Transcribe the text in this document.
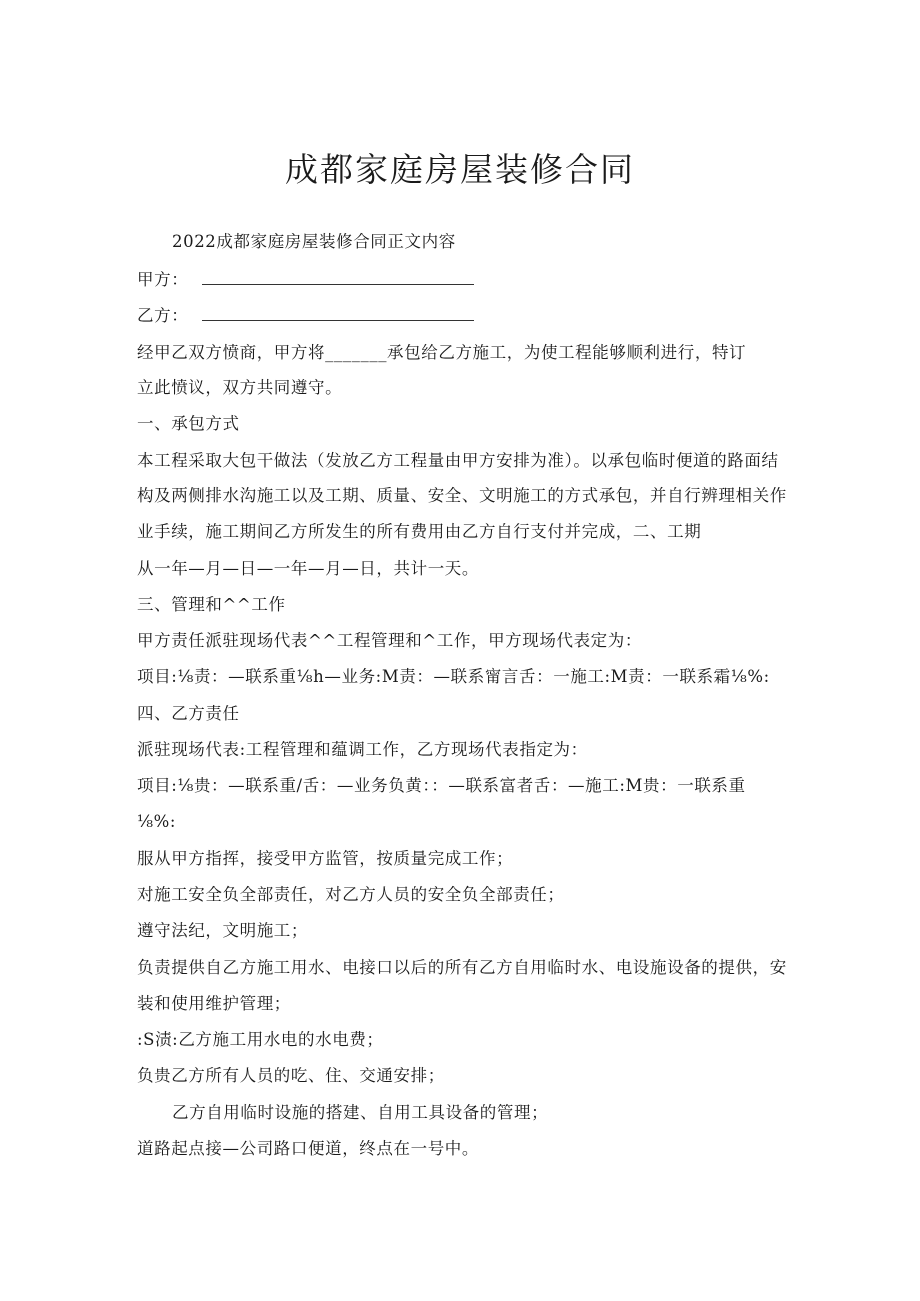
成都家庭房屋装修合同
2022成都家庭房屋装修合同正文内容
甲方：
乙方：
经甲乙双方愤商，甲方将_______承包给乙方施工，为使工程能够顺利进行，特订
立此愤议，双方共同遵守。
一、承包方式
本工程采取大包干做法（发放乙方工程量由甲方安排为准）。以承包临时便道的路面结
构及两侧排水沟施工以及工期、质量、安全、文明施工的方式承包，并自行辨理相关作
业手续，施工期间乙方所发生的所有费用由乙方自行支付并完成，二、工期
从一年—月—日—一年—月—日，共计一天。
三、管理和^^工作
甲方责任派驻现场代表^^工程管理和^工作，甲方现场代表定为：
项目:⅛责：—联系重⅛h—业务:M责：—联系甯言舌：一施工:M责：一联系霜⅛%:
四、乙方责任
派驻现场代表:工程管理和蕴调工作，乙方现场代表指定为：
项目:⅛贵：—联系重/舌：—业务负黄：：—联系富者舌：—施工:M贵：一联系重
⅛%:
服从甲方指挥，接受甲方监管，按质量完成工作；
对施工安全负全部责任，对乙方人员的安全负全部责任；
遵守法纪，文明施工；
负责提供自乙方施工用水、电接口以后的所有乙方自用临时水、电设施设备的提供，安
装和使用维护管理；
:S渍:乙方施工用水电的水电费；
负贵乙方所有人员的吃、住、交通安排；
乙方自用临时设施的搭建、自用工具设备的管理；
道路起点接—公司路口便道，终点在一号中。
